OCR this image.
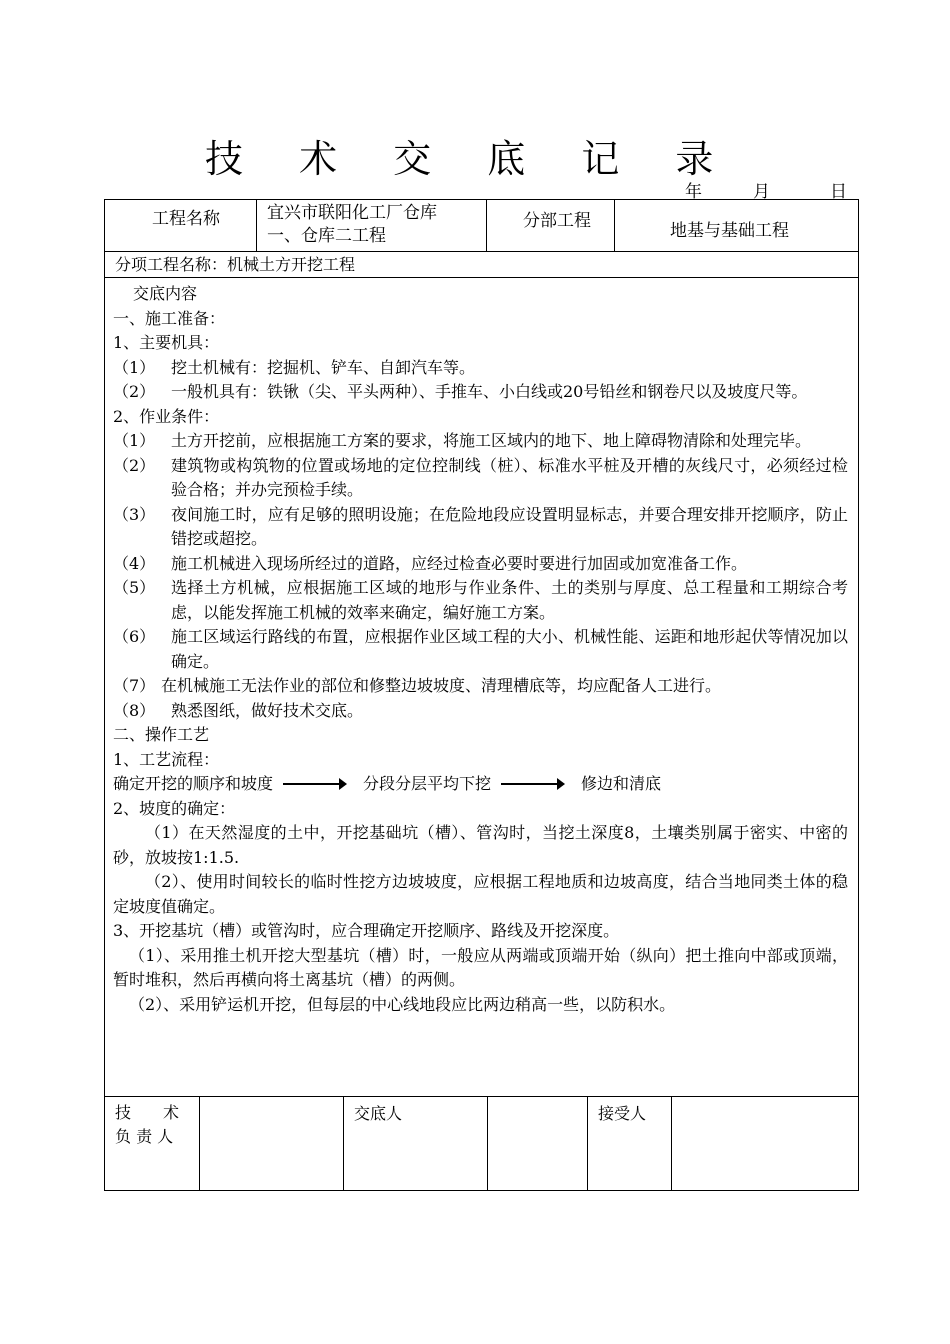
技 术 交 底 记 录
年	月	日
工程名称	宜兴市联阳化工厂仓库
一、仓库二工程
分部工程	地基与基础工程
分项工程名称：机械土方开挖工程
交底内容
一、施工准备：
1、主要机具：
（1） 挖土机械有：挖掘机、铲车、自卸汽车等。
（2） 一般机具有：铁锹（尖、平头两种）、手推车、小白线或20号铅丝和钢卷尺以及坡度尺等。
2、作业条件：
（1） 土方开挖前，应根据施工方案的要求，将施工区域内的地下、地上障碍物清除和处理完毕。
（2） 建筑物或构筑物的位置或场地的定位控制线（桩）、标准水平桩及开槽的灰线尺寸，必须经过检验合格；并办完预检手续。
（3） 夜间施工时，应有足够的照明设施；在危险地段应设置明显标志，并要合理安排开挖顺序，防止错挖或超挖。
（4） 施工机械进入现场所经过的道路，应经过检查必要时要进行加固或加宽准备工作。
（5） 选择土方机械，应根据施工区域的地形与作业条件、土的类别与厚度、总工程量和工期综合考虑，以能发挥施工机械的效率来确定，编好施工方案。
（6） 施工区域运行路线的布置，应根据作业区域工程的大小、机械性能、运距和地形起伏等情况加以确定。
（7） 在机械施工无法作业的部位和修整边坡坡度、清理槽底等，均应配备人工进行。
（8） 熟悉图纸，做好技术交底。
二、操作工艺
1、工艺流程：
确定开挖的顺序和坡度	分段分层平均下挖	修边和清底
2、坡度的确定：
（1）在天然湿度的土中，开挖基础坑（槽）、管沟时，当挖土深度8，土壤类别属于密实、中密的砂，放坡按1:1.5.
（2）、使用时间较长的临时性挖方边坡坡度，应根据工程地质和边坡高度，结合当地同类土体的稳定坡度值确定。
3、开挖基坑（槽）或管沟时，应合理确定开挖顺序、路线及开挖深度。
（1）、采用推土机开挖大型基坑（槽）时，一般应从两端或顶端开始（纵向）把土推向中部或顶端，暂时堆积，然后再横向将土离基坑（槽）的两侧。
（2）、采用铲运机开挖，但每层的中心线地段应比两边稍高一些，以防积水。
技　　术
负 责 人
交底人	接受人
